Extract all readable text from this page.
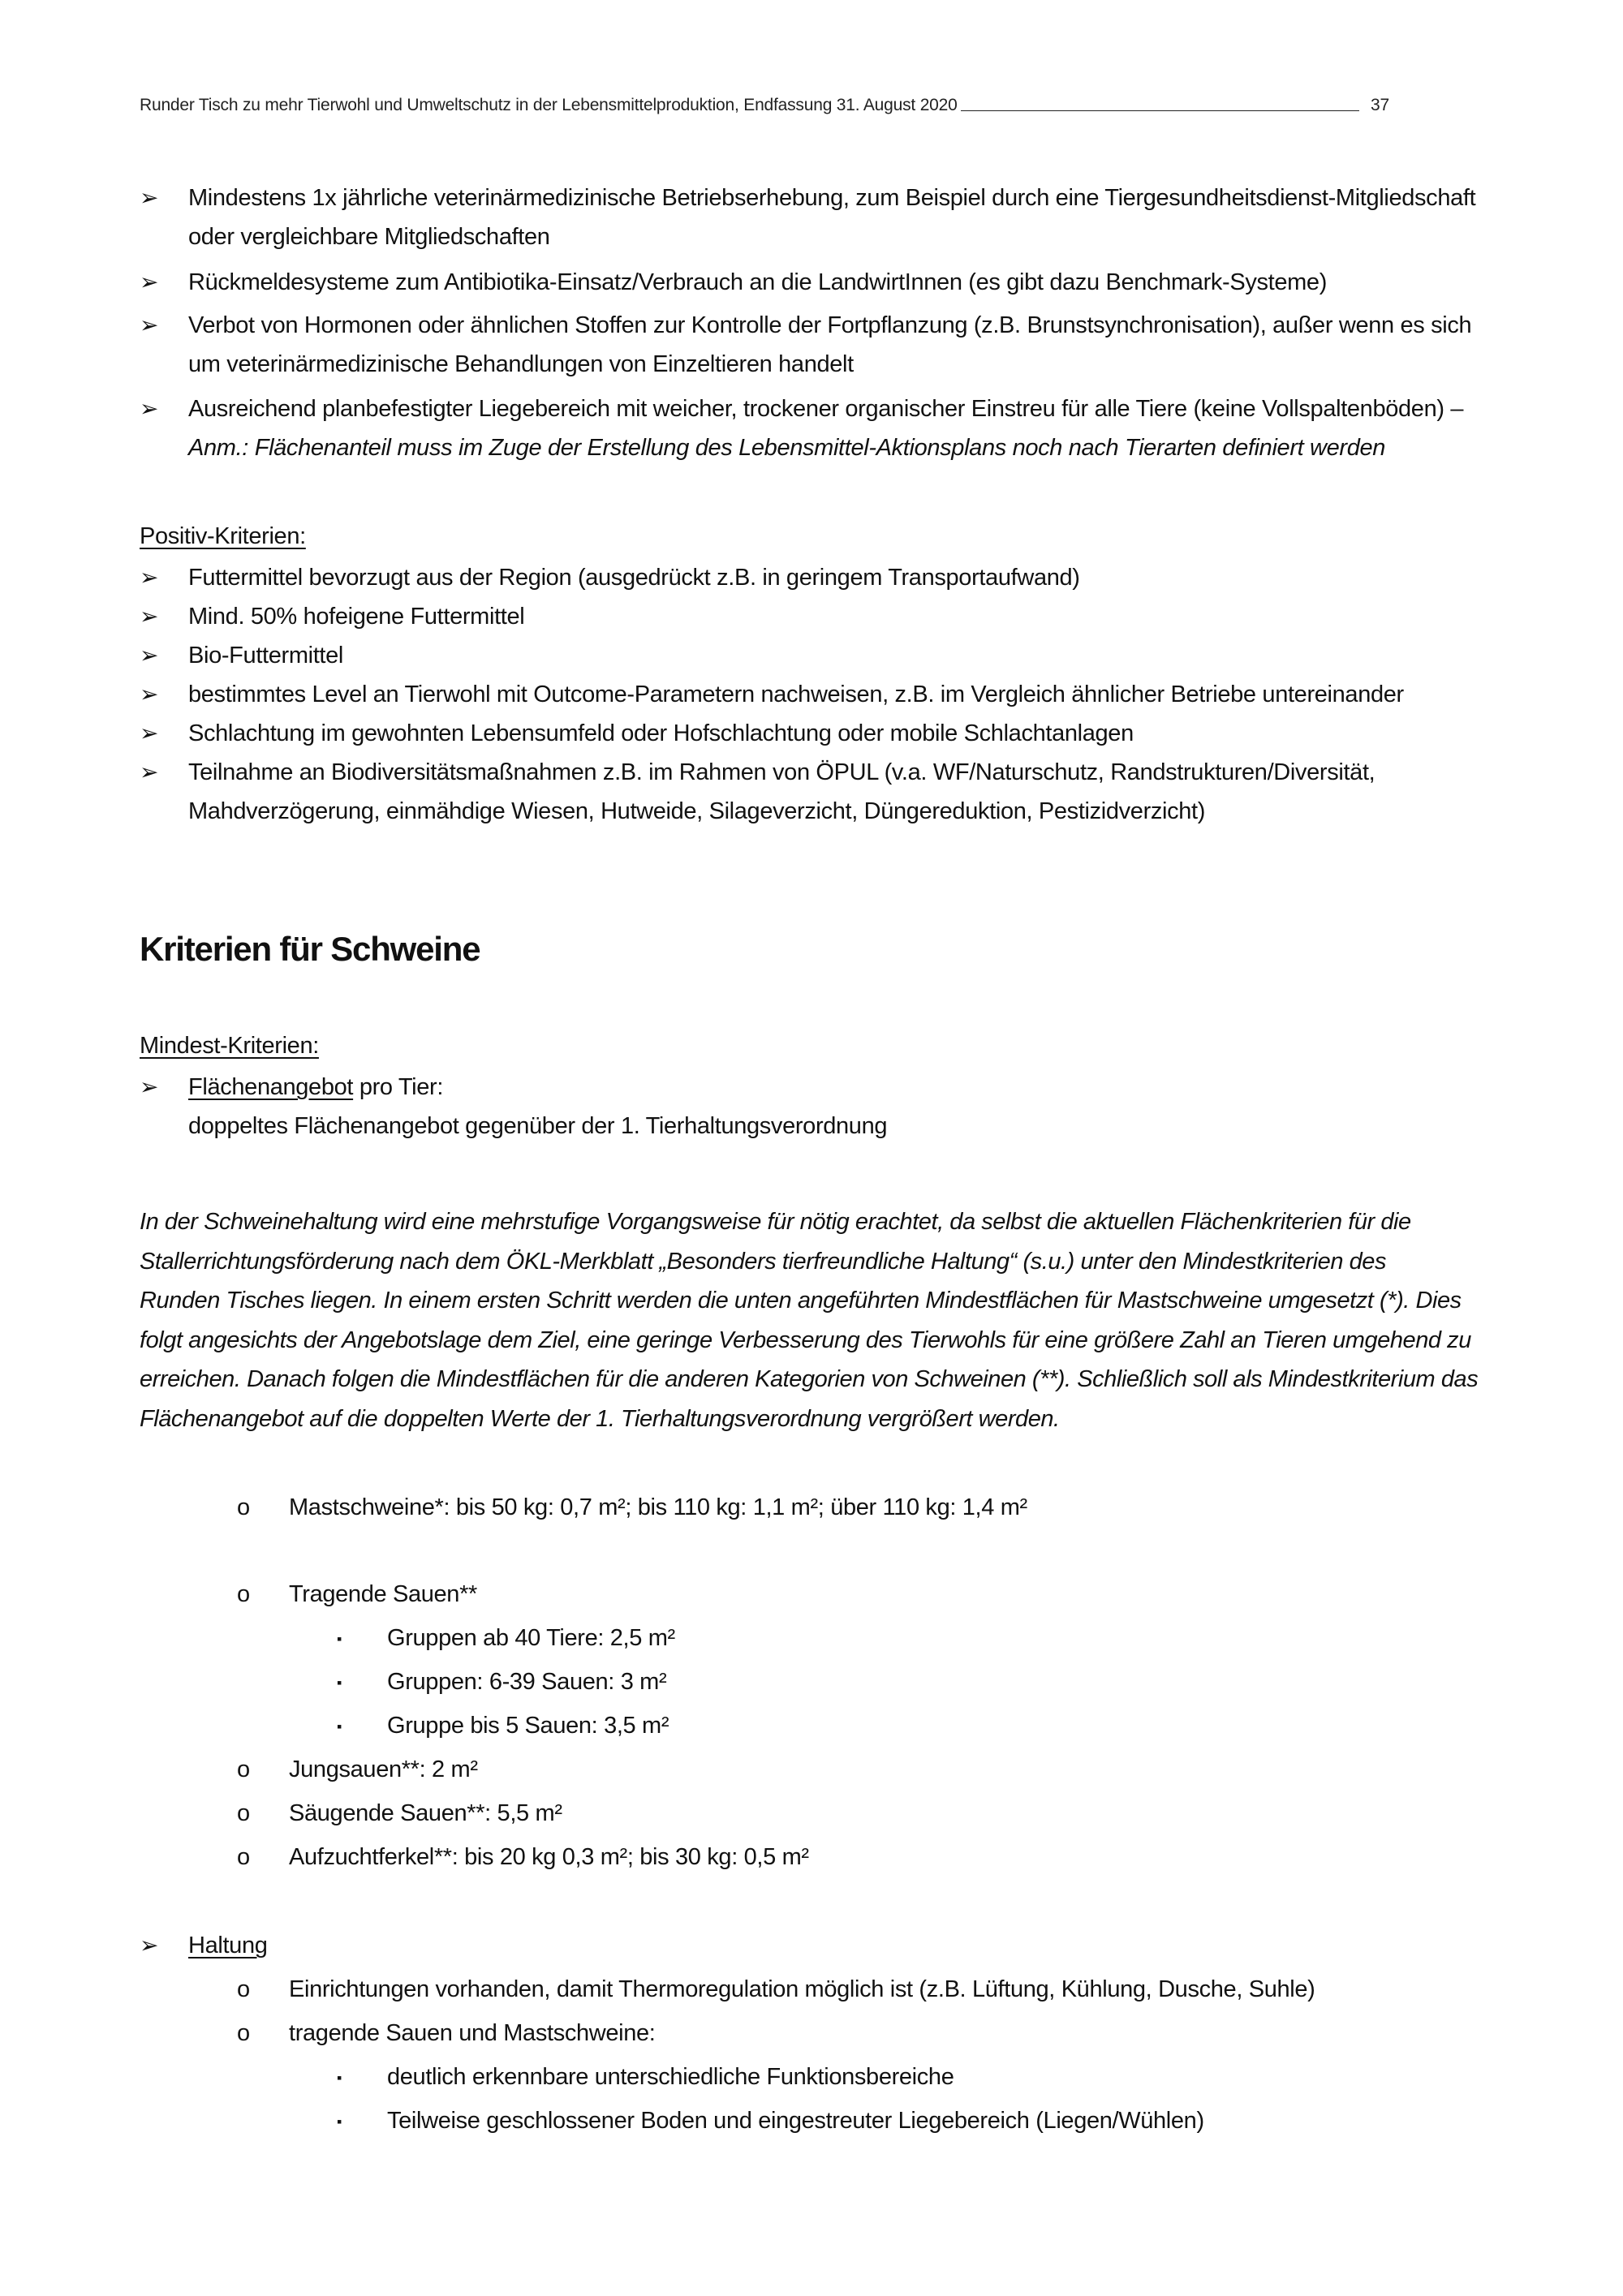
Runder Tisch zu mehr Tierwohl und Umweltschutz in der Lebensmittelproduktion, Endfassung 31. August 2020	37
➢ Mindestens 1x jährliche veterinärmedizinische Betriebserhebung, zum Beispiel durch eine Tiergesundheitsdienst-Mitgliedschaft
oder vergleichbare Mitgliedschaften
➢ Rückmeldesysteme zum Antibiotika-Einsatz/Verbrauch an die LandwirtInnen (es gibt dazu Benchmark-Systeme)
➢ Verbot von Hormonen oder ähnlichen Stoffen zur Kontrolle der Fortpflanzung (z.B. Brunstsynchronisation), außer wenn es sich
um veterinärmedizinische Behandlungen von Einzeltieren handelt
➢ Ausreichend planbefestigter Liegebereich mit weicher, trockener organischer Einstreu für alle Tiere (keine Vollspaltenböden) –
Anm.: Flächenanteil muss im Zuge der Erstellung des Lebensmittel-Aktionsplans noch nach Tierarten definiert werden
Positiv-Kriterien:
➢ Futtermittel bevorzugt aus der Region (ausgedrückt z.B. in geringem Transportaufwand)
➢ Mind. 50% hofeigene Futtermittel
➢ Bio-Futtermittel
➢ bestimmtes Level an Tierwohl mit Outcome-Parametern nachweisen, z.B. im Vergleich ähnlicher Betriebe untereinander
➢ Schlachtung im gewohnten Lebensumfeld oder Hofschlachtung oder mobile Schlachtanlagen
➢ Teilnahme an Biodiversitätsmaßnahmen z.B. im Rahmen von ÖPUL (v.a. WF/Naturschutz, Randstrukturen/Diversität,
Mahdverzögerung, einmähdige Wiesen, Hutweide, Silageverzicht, Düngereduktion, Pestizidverzicht)
Kriterien für Schweine
Mindest-Kriterien:
➢ Flächenangebot pro Tier:
doppeltes Flächenangebot gegenüber der 1. Tierhaltungsverordnung
In der Schweinehaltung wird eine mehrstufige Vorgangsweise für nötig erachtet, da selbst die aktuellen Flächenkriterien für die
Stallerrichtungsförderung nach dem ÖKL-Merkblatt „Besonders tierfreundliche Haltung“ (s.u.) unter den Mindestkriterien des
Runden Tisches liegen. In einem ersten Schritt werden die unten angeführten Mindestflächen für Mastschweine umgesetzt (*). Dies
folgt angesichts der Angebotslage dem Ziel, eine geringe Verbesserung des Tierwohls für eine größere Zahl an Tieren umgehend zu
erreichen. Danach folgen die Mindestflächen für die anderen Kategorien von Schweinen (**). Schließlich soll als Mindestkriterium das
Flächenangebot auf die doppelten Werte der 1. Tierhaltungsverordnung vergrößert werden.
o	Mastschweine*: bis 50 kg: 0,7 m²; bis 110 kg: 1,1 m²; über 110 kg: 1,4 m²
o	Tragende Sauen**
▪	Gruppen ab 40 Tiere: 2,5 m²
▪	Gruppen: 6-39 Sauen: 3 m²
▪	Gruppe bis 5 Sauen: 3,5 m²
o	Jungsauen**: 2 m²
o	Säugende Sauen**: 5,5 m²
o	Aufzuchtferkel**: bis 20 kg 0,3 m²; bis 30 kg: 0,5 m²
➢ Haltung
o	Einrichtungen vorhanden, damit Thermoregulation möglich ist (z.B. Lüftung, Kühlung, Dusche, Suhle)
o	tragende Sauen und Mastschweine:
▪	deutlich erkennbare unterschiedliche Funktionsbereiche
▪	Teilweise geschlossener Boden und eingestreuter Liegebereich (Liegen/Wühlen)
